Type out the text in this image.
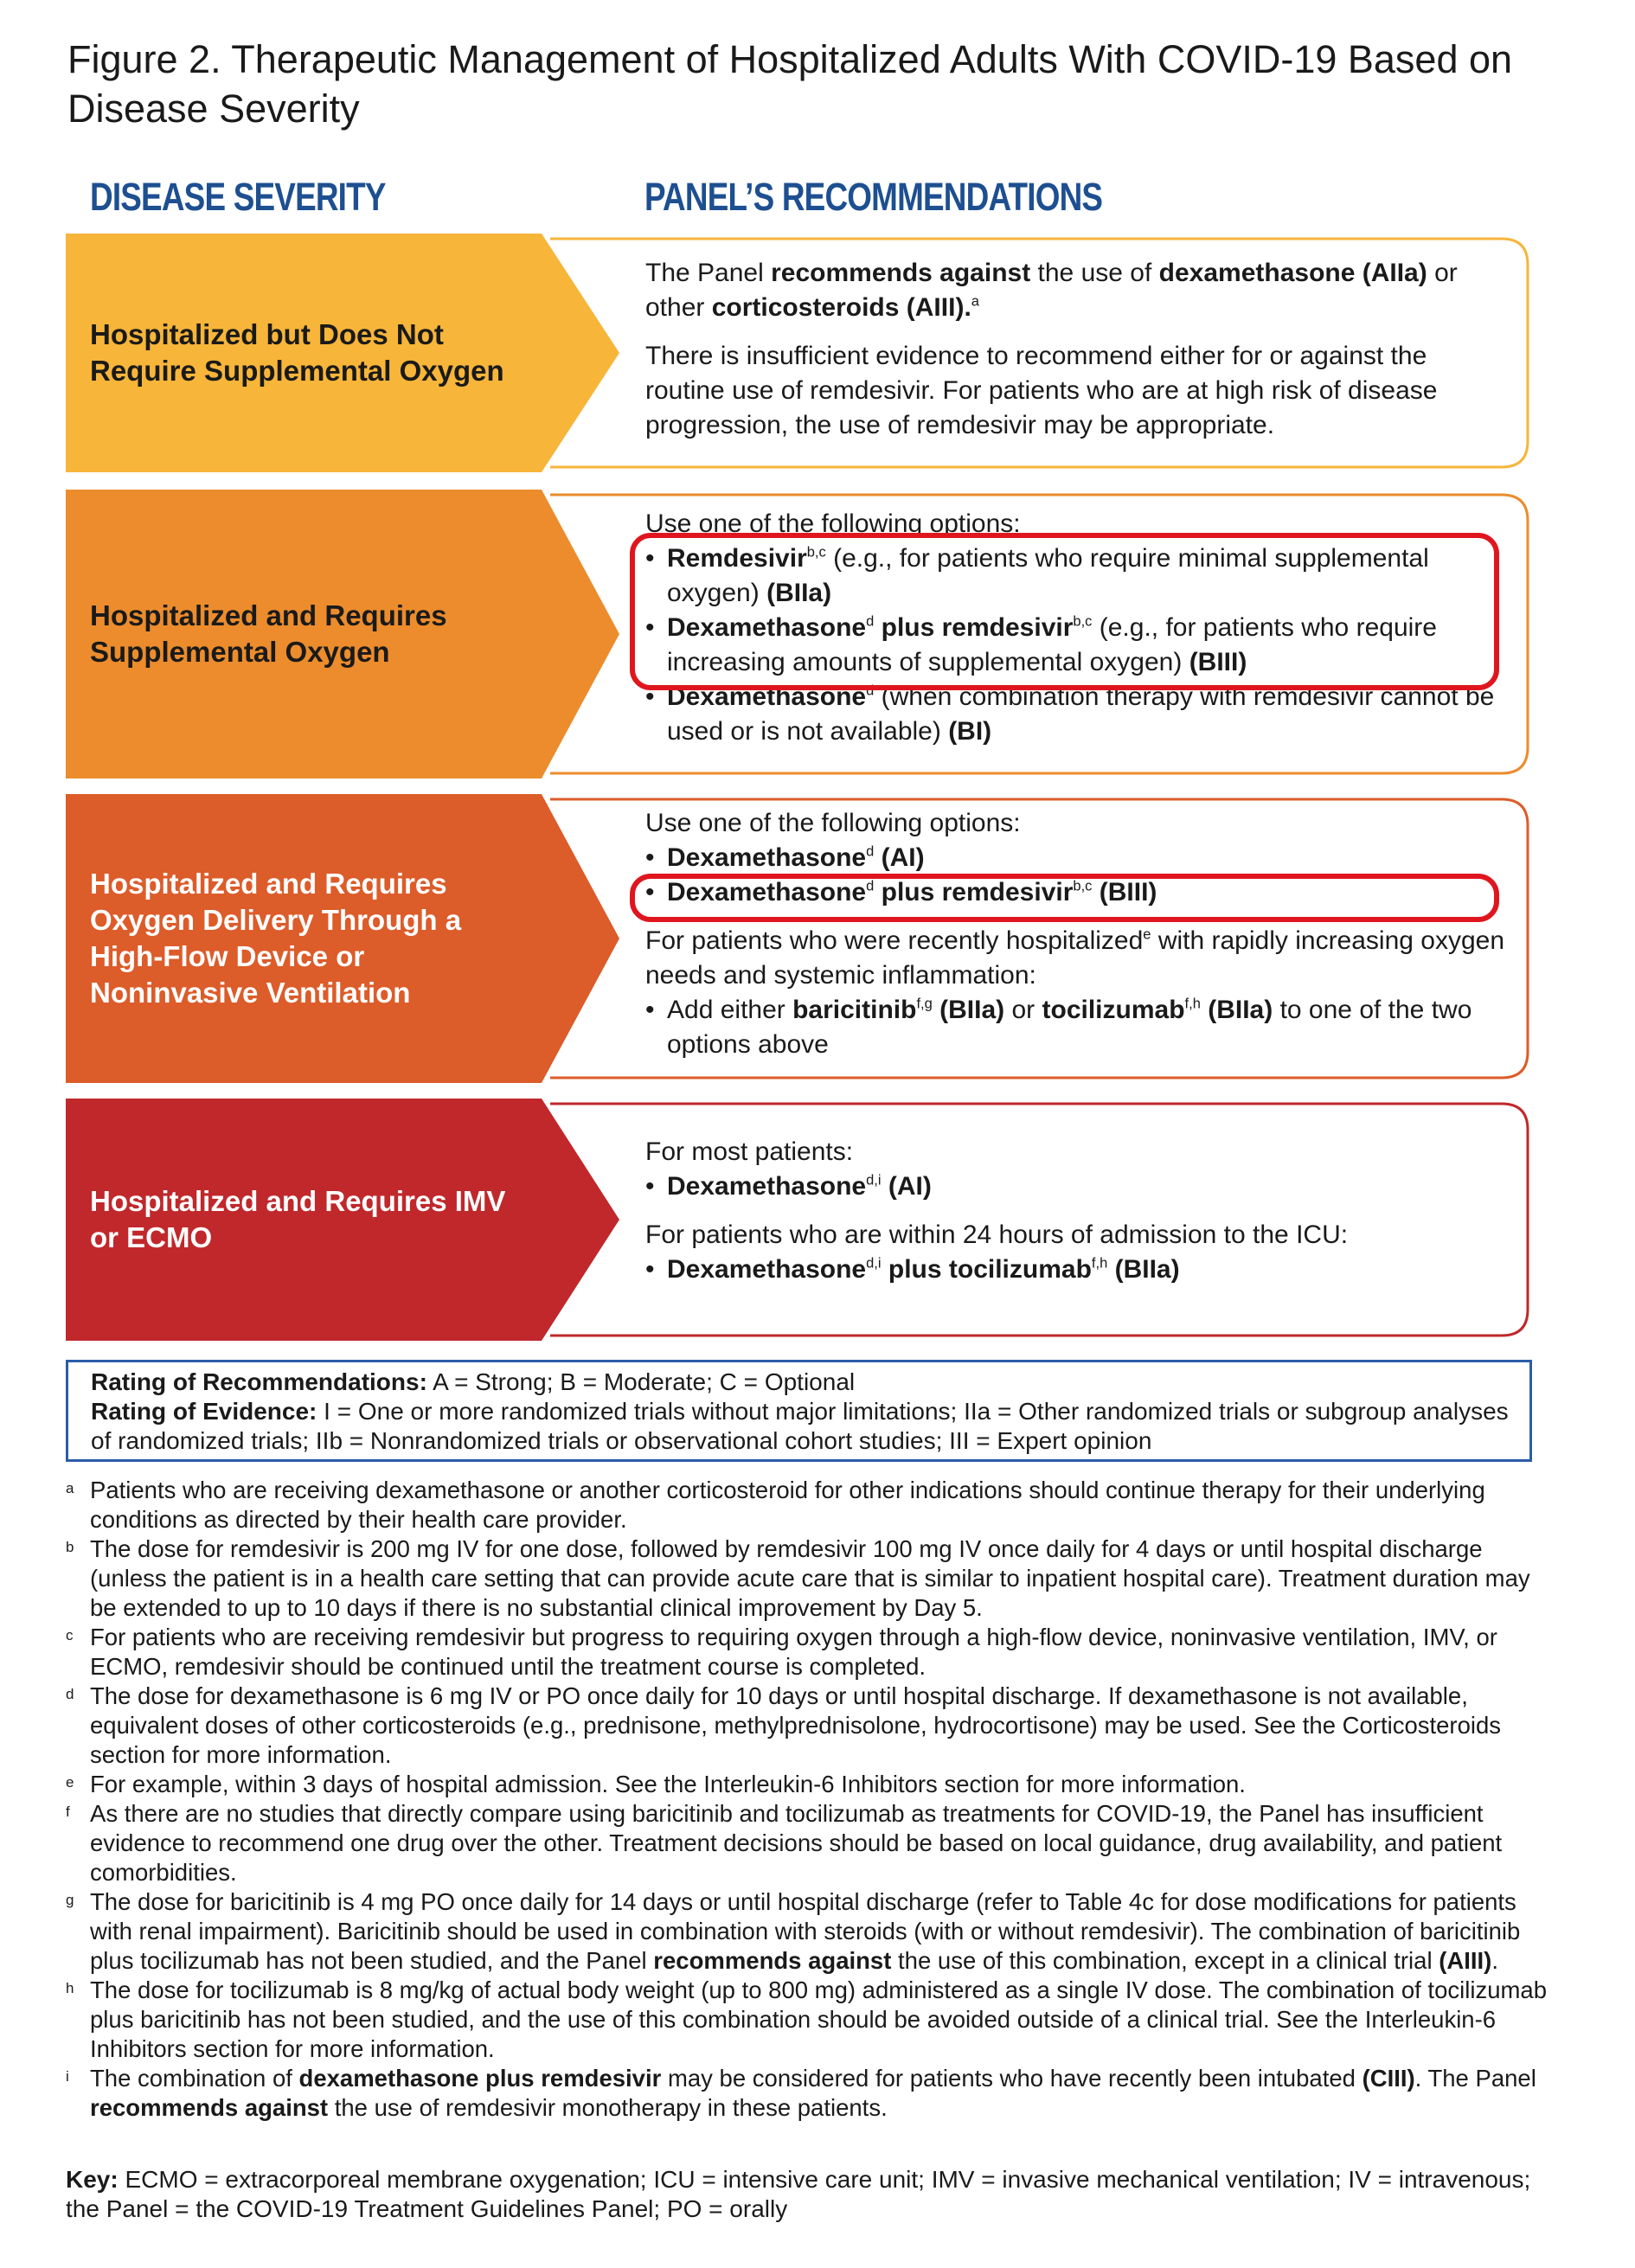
Figure 2. Therapeutic Management of Hospitalized Adults With COVID-19 Based on Disease Severity
DISEASE SEVERITY	PANEL’S RECOMMENDATIONS
Hospitalized but Does Not
Require Supplemental Oxygen

The Panel recommends against the use of dexamethasone (AIIa) or other corticosteroids (AIII).$^a$

There is insufficient evidence to recommend either for or against the routine use of remdesivir. For patients who are at high risk of disease progression, the use of remdesivir may be appropriate.

Hospitalized and Requires
Supplemental Oxygen

Use one of the following options:

• Remdesivir$^{b,c}$ (e.g., for patients who require minimal supplemental oxygen) (BIIa)

• Dexamethasone$^d$ plus remdesivir$^{b,c}$ (e.g., for patients who require increasing amounts of supplemental oxygen) (BIII)

• Dexamethasone$^d$ (when combination therapy with remdesivir cannot be used or is not available) (BI)

Hospitalized and Requires
Oxygen Delivery Through a
High-Flow Device or
Noninvasive Ventilation

Use one of the following options:

• Dexamethasone$^d$ (AI)

• Dexamethasone$^d$ plus remdesivir$^{b,c}$ (BIII)

For patients who were recently hospitalized$^e$ with rapidly increasing oxygen needs and systemic inflammation:

• Add either baricitinib$^{f,g}$ (BIIa) or tocilizumab$^{f,h}$ (BIIa) to one of the two options above

Hospitalized and Requires IMV
or ECMO

For most patients:

• Dexamethasone$^{d,i}$ (AI)

For patients who are within 24 hours of admission to the ICU:

• Dexamethasone$^{d,i}$ plus tocilizumab$^{f,h}$ (BIIa)

Rating of Recommendations: A = Strong; B = Moderate; C = Optional

Rating of Evidence: I = One or more randomized trials without major limitations; IIa = Other randomized trials or subgroup analyses of randomized trials; IIb = Nonrandomized trials or observational cohort studies; III = Expert opinion

a Patients who are receiving dexamethasone or another corticosteroid for other indications should continue therapy for their underlying conditions as directed by their health care provider.

b The dose for remdesivir is 200 mg IV for one dose, followed by remdesivir 100 mg IV once daily for 4 days or until hospital discharge (unless the patient is in a health care setting that can provide acute care that is similar to inpatient hospital care). Treatment duration may be extended to up to 10 days if there is no substantial clinical improvement by Day 5.

c For patients who are receiving remdesivir but progress to requiring oxygen through a high-flow device, noninvasive ventilation, IMV, or ECMO, remdesivir should be continued until the treatment course is completed.

d The dose for dexamethasone is 6 mg IV or PO once daily for 10 days or until hospital discharge. If dexamethasone is not available, equivalent doses of other corticosteroids (e.g., prednisone, methylprednisolone, hydrocortisone) may be used. See the Corticosteroids section for more information.

e For example, within 3 days of hospital admission. See the Interleukin-6 Inhibitors section for more information.

f As there are no studies that directly compare using baricitinib and tocilizumab as treatments for COVID-19, the Panel has insufficient evidence to recommend one drug over the other. Treatment decisions should be based on local guidance, drug availability, and patient comorbidities.

g The dose for baricitinib is 4 mg PO once daily for 14 days or until hospital discharge (refer to Table 4c for dose modifications for patients with renal impairment). Baricitinib should be used in combination with steroids (with or without remdesivir). The combination of baricitinib plus tocilizumab has not been studied, and the Panel recommends against the use of this combination, except in a clinical trial (AIII).

h The dose for tocilizumab is 8 mg/kg of actual body weight (up to 800 mg) administered as a single IV dose. The combination of tocilizumab plus baricitinib has not been studied, and the use of this combination should be avoided outside of a clinical trial. See the Interleukin-6 Inhibitors section for more information.

i The combination of dexamethasone plus remdesivir may be considered for patients who have recently been intubated (CIII). The Panel recommends against the use of remdesivir monotherapy in these patients.

Key: ECMO = extracorporeal membrane oxygenation; ICU = intensive care unit; IMV = invasive mechanical ventilation; IV = intravenous; the Panel = the COVID-19 Treatment Guidelines Panel; PO = orally
